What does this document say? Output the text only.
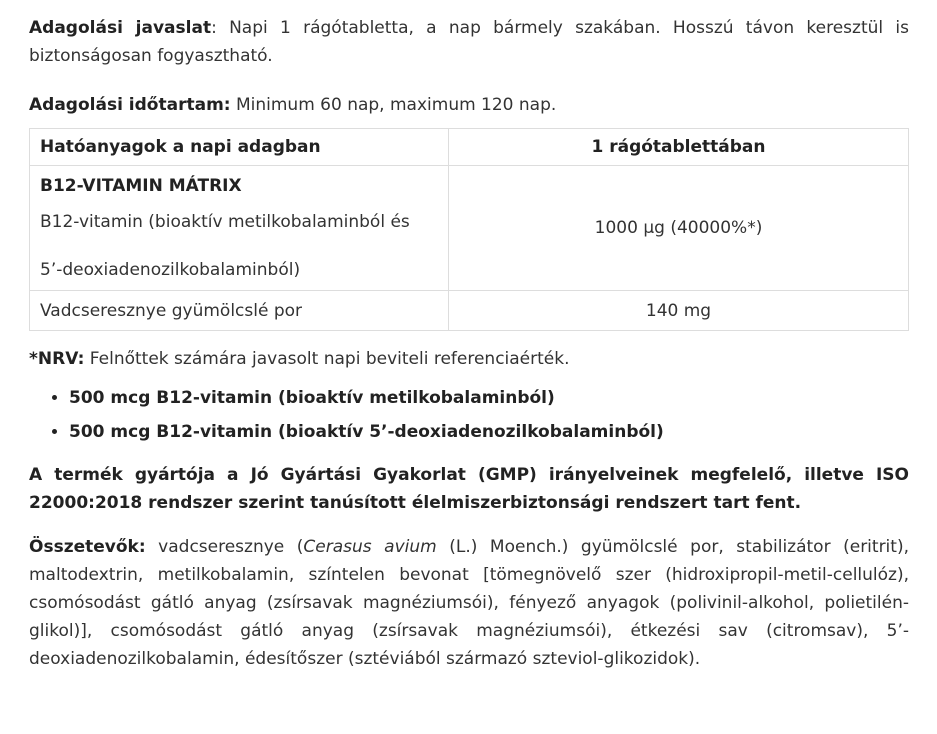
Adagolási javaslat: Napi 1 rágótabletta, a nap bármely szakában. Hosszú távon keresztül is biztonságosan fogyasztható.

Adagolási időtartam: Minimum 60 nap, maximum 120 nap.

Hatóanyagok a napi adagban	1 rágótablettában

B12-VITAMIN MÁTRIX
B12-vitamin (bioaktív metilkobalaminból és
5’-deoxiadenozilkobalaminból)	1000 µg (40000%*)
Vadcseresznye gyümölcslé por	140 mg

*NRV: Felnőttek számára javasolt napi beviteli referenciaérték.

• 500 mcg B12-vitamin (bioaktív metilkobalaminból)
• 500 mcg B12-vitamin (bioaktív 5’-deoxiadenozilkobalaminból)

A termék gyártója a Jó Gyártási Gyakorlat (GMP) irányelveinek megfelelő, illetve ISO 22000:2018 rendszer szerint tanúsított élelmiszerbiztonsági rendszert tart fent.

Összetevők: vadcseresznye (Cerasus avium (L.) Moench.) gyümölcslé por, stabilizátor (eritrit), maltodextrin, metilkobalamin, színtelen bevonat [tömegnövelő szer (hidroxipropil-metil-cellulóz), csomósodást gátló anyag (zsírsavak magnéziumsói), fényező anyagok (polivinil-alkohol, polietilén-glikol)], csomósodást gátló anyag (zsírsavak magnéziumsói), étkezési sav (citromsav), 5’-deoxiadenozilkobalamin, édesítőszer (sztéviából származó szteviol-glikozidok).
